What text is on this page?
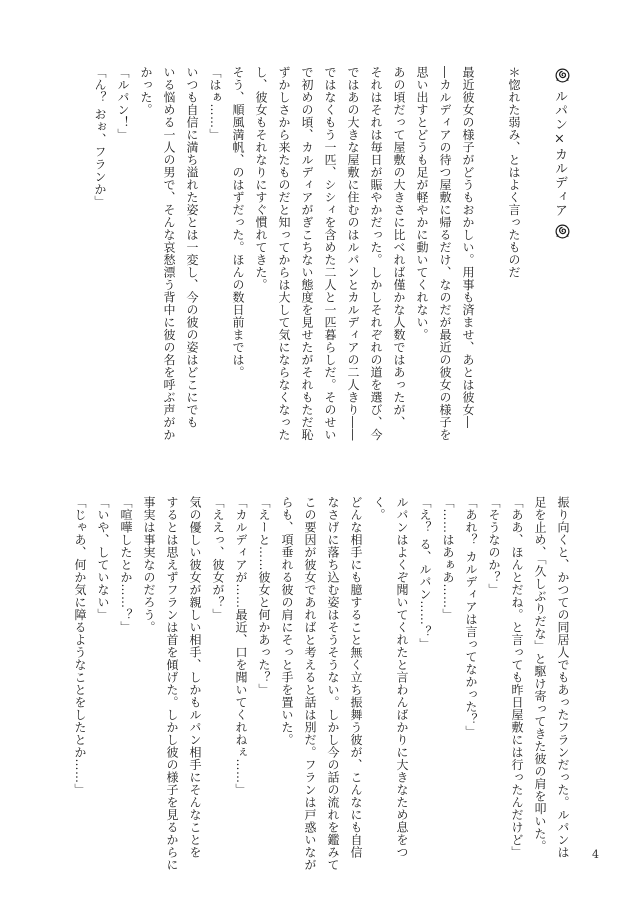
ルパン×カルディア

＊惚れた弱み、とはよく言ったものだ

最近彼女の様子がどうもおかしい。用事も済ませ、あとは彼女―
―カルディアの待つ屋敷に帰るだけ、なのだが最近の彼女の様子を
思い出すとどうも足が軽やかに動いてくれない。
あの頃だって屋敷の大きさに比べれば僅かな人数ではあったが、
それはそれは毎日が賑やかだった。しかしそれぞれの道を選び、今
ではあの大きな屋敷に住むのはルパンとカルディアの二人きり――
ではなくもう一匹、シシィを含めた二人と一匹暮らしだ。そのせい
で初めの頃、カルディアがぎこちない態度を見せたがそれもただ恥
ずかしさから来たものだと知ってからは大して気にならなくなった
し、彼女もそれなりにすぐ慣れてきた。
そう、順風満帆、のはずだった。ほんの数日前までは。
「はぁ……」
いつも自信に満ち溢れた姿とは一変し、今の彼の姿はどこにでも
いる悩める一人の男で、そんな哀愁漂う背中に彼の名を呼ぶ声がか
かった。
「ルパン！」
「ん？ おぉ、フランか」
振り向くと、かつての同居人でもあったフランだった。ルパンは
足を止め、「久しぶりだな」と駆け寄ってきた彼の肩を叩いた。
「ああ、ほんとだね。と言っても昨日屋敷には行ったんだけど」
「そうなのか？」
「あれ？ カルディアは言ってなかった？」
「……はあぁあ……」
「え？ る、ルパン……？」
ルパンはよくぞ聞いてくれたと言わんばかりに大きなため息をつ
く。
どんな相手にも臆すること無く立ち振舞う彼が、こんなにも自信
なさげに落ち込む姿はそうそうない。しかし今の話の流れを鑑みて
この要因が彼女であればと考えると話は別だ。フランは戸惑いなが
らも、項垂れる彼の肩にそっと手を置いた。
「えーと……彼女と何かあった？」
「カルディアが……最近、口を聞いてくれねぇ……」
「ええっ、彼女が？」
気の優しい彼女が親しい相手、しかもルパン相手にそんなことを
するとは思えずフランは首を傾げた。しかし彼の様子を見るからに
事実は事実なのだろう。
「喧嘩したとか……？」
「いや、していない」
「じゃあ、何か気に障るようなことをしたとか……」
4
